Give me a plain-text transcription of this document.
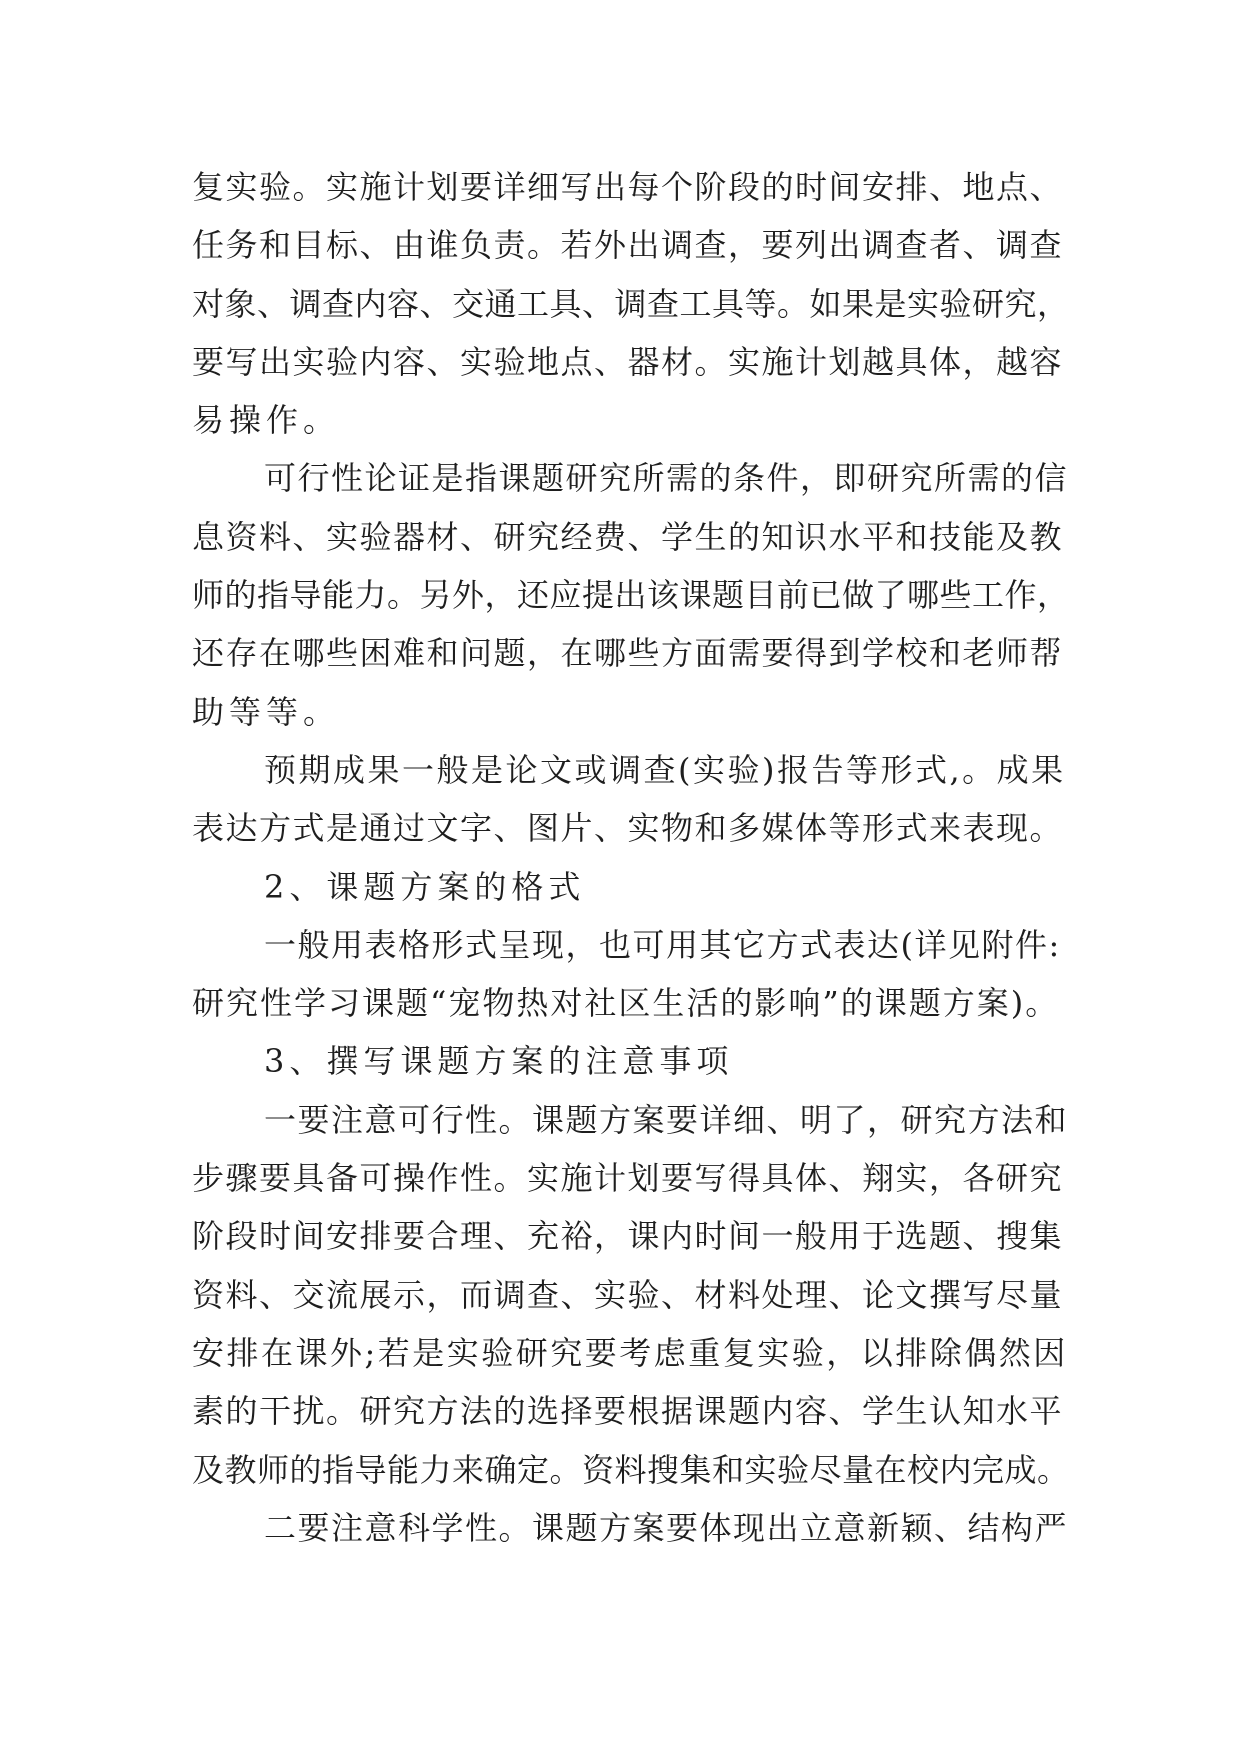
复实验。实施计划要详细写出每个阶段的时间安排、地点、
任务和目标、由谁负责。若外出调查，要列出调查者、调查
对象、调查内容、交通工具、调查工具等。如果是实验研究，
要写出实验内容、实验地点、器材。实施计划越具体，越容
易操作。
可行性论证是指课题研究所需的条件，即研究所需的信
息资料、实验器材、研究经费、学生的知识水平和技能及教
师的指导能力。另外，还应提出该课题目前已做了哪些工作，
还存在哪些困难和问题，在哪些方面需要得到学校和老师帮
助等等。
预期成果一般是论文或调查(实验)报告等形式,。成果
表达方式是通过文字、图片、实物和多媒体等形式来表现。
2、课题方案的格式
一般用表格形式呈现，也可用其它方式表达(详见附件:
研究性学习课题“宠物热对社区生活的影响”的课题方案)。
3、撰写课题方案的注意事项
一要注意可行性。课题方案要详细、明了，研究方法和
步骤要具备可操作性。实施计划要写得具体、翔实，各研究
阶段时间安排要合理、充裕，课内时间一般用于选题、搜集
资料、交流展示，而调查、实验、材料处理、论文撰写尽量
安排在课外;若是实验研究要考虑重复实验，以排除偶然因
素的干扰。研究方法的选择要根据课题内容、学生认知水平
及教师的指导能力来确定。资料搜集和实验尽量在校内完成。
二要注意科学性。课题方案要体现出立意新颖、结构严
